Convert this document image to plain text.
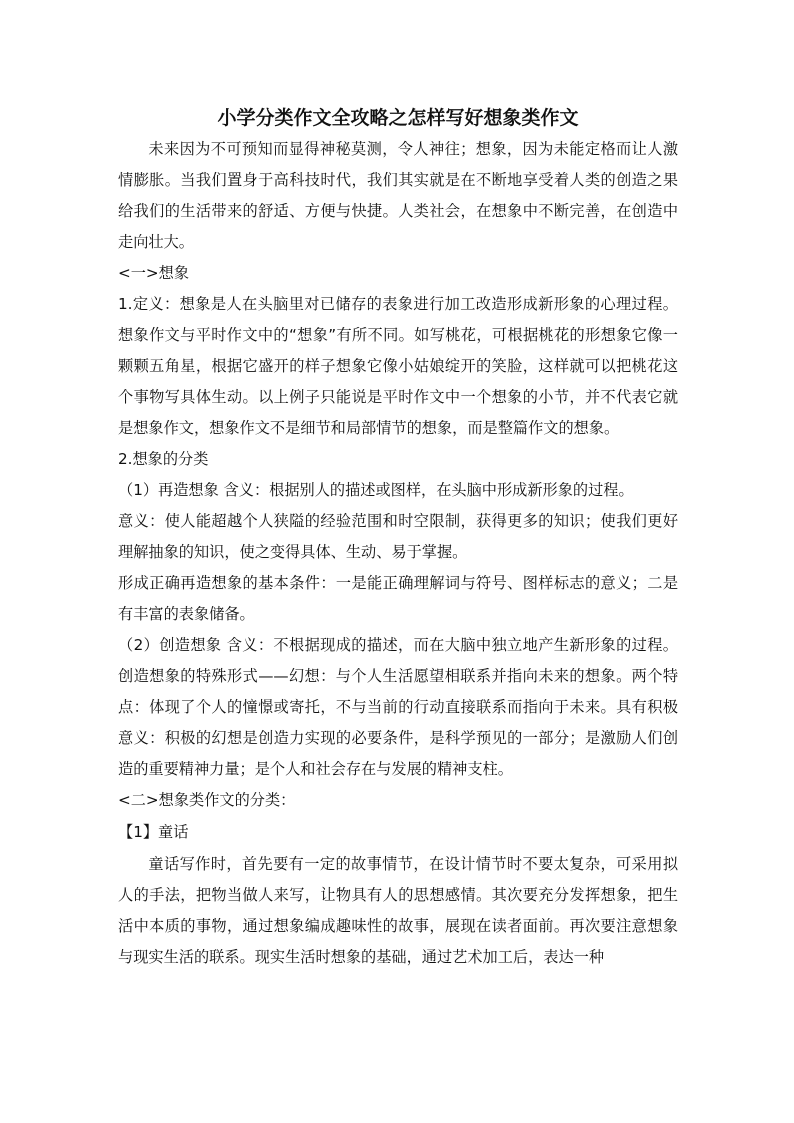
小学分类作文全攻略之怎样写好想象类作文

未来因为不可预知而显得神秘莫测，令人神往；想象，因为未能定格而让人激情膨胀。当我们置身于高科技时代，我们其实就是在不断地享受着人类的创造之果给我们的生活带来的舒适、方便与快捷。人类社会，在想象中不断完善，在创造中走向壮大。

<一>想象

1.定义：想象是人在头脑里对已储存的表象进行加工改造形成新形象的心理过程。想象作文与平时作文中的“想象”有所不同。如写桃花，可根据桃花的形想象它像一颗颗五角星，根据它盛开的样子想象它像小姑娘绽开的笑脸，这样就可以把桃花这个事物写具体生动。以上例子只能说是平时作文中一个想象的小节，并不代表它就是想象作文，想象作文不是细节和局部情节的想象，而是整篇作文的想象。

2.想象的分类

（1）再造想象 含义：根据别人的描述或图样，在头脑中形成新形象的过程。

意义：使人能超越个人狭隘的经验范围和时空限制，获得更多的知识；使我们更好理解抽象的知识，使之变得具体、生动、易于掌握。

形成正确再造想象的基本条件：一是能正确理解词与符号、图样标志的意义；二是有丰富的表象储备。

（2）创造想象 含义：不根据现成的描述，而在大脑中独立地产生新形象的过程。创造想象的特殊形式——幻想：与个人生活愿望相联系并指向未来的想象。两个特点：体现了个人的憧憬或寄托，不与当前的行动直接联系而指向于未来。具有积极意义：积极的幻想是创造力实现的必要条件，是科学预见的一部分；是激励人们创造的重要精神力量；是个人和社会存在与发展的精神支柱。

<二>想象类作文的分类：

【1】童话

童话写作时，首先要有一定的故事情节，在设计情节时不要太复杂，可采用拟人的手法，把物当做人来写，让物具有人的思想感情。其次要充分发挥想象，把生活中本质的事物，通过想象编成趣味性的故事，展现在读者面前。再次要注意想象与现实生活的联系。现实生活时想象的基础，通过艺术加工后，表达一种
